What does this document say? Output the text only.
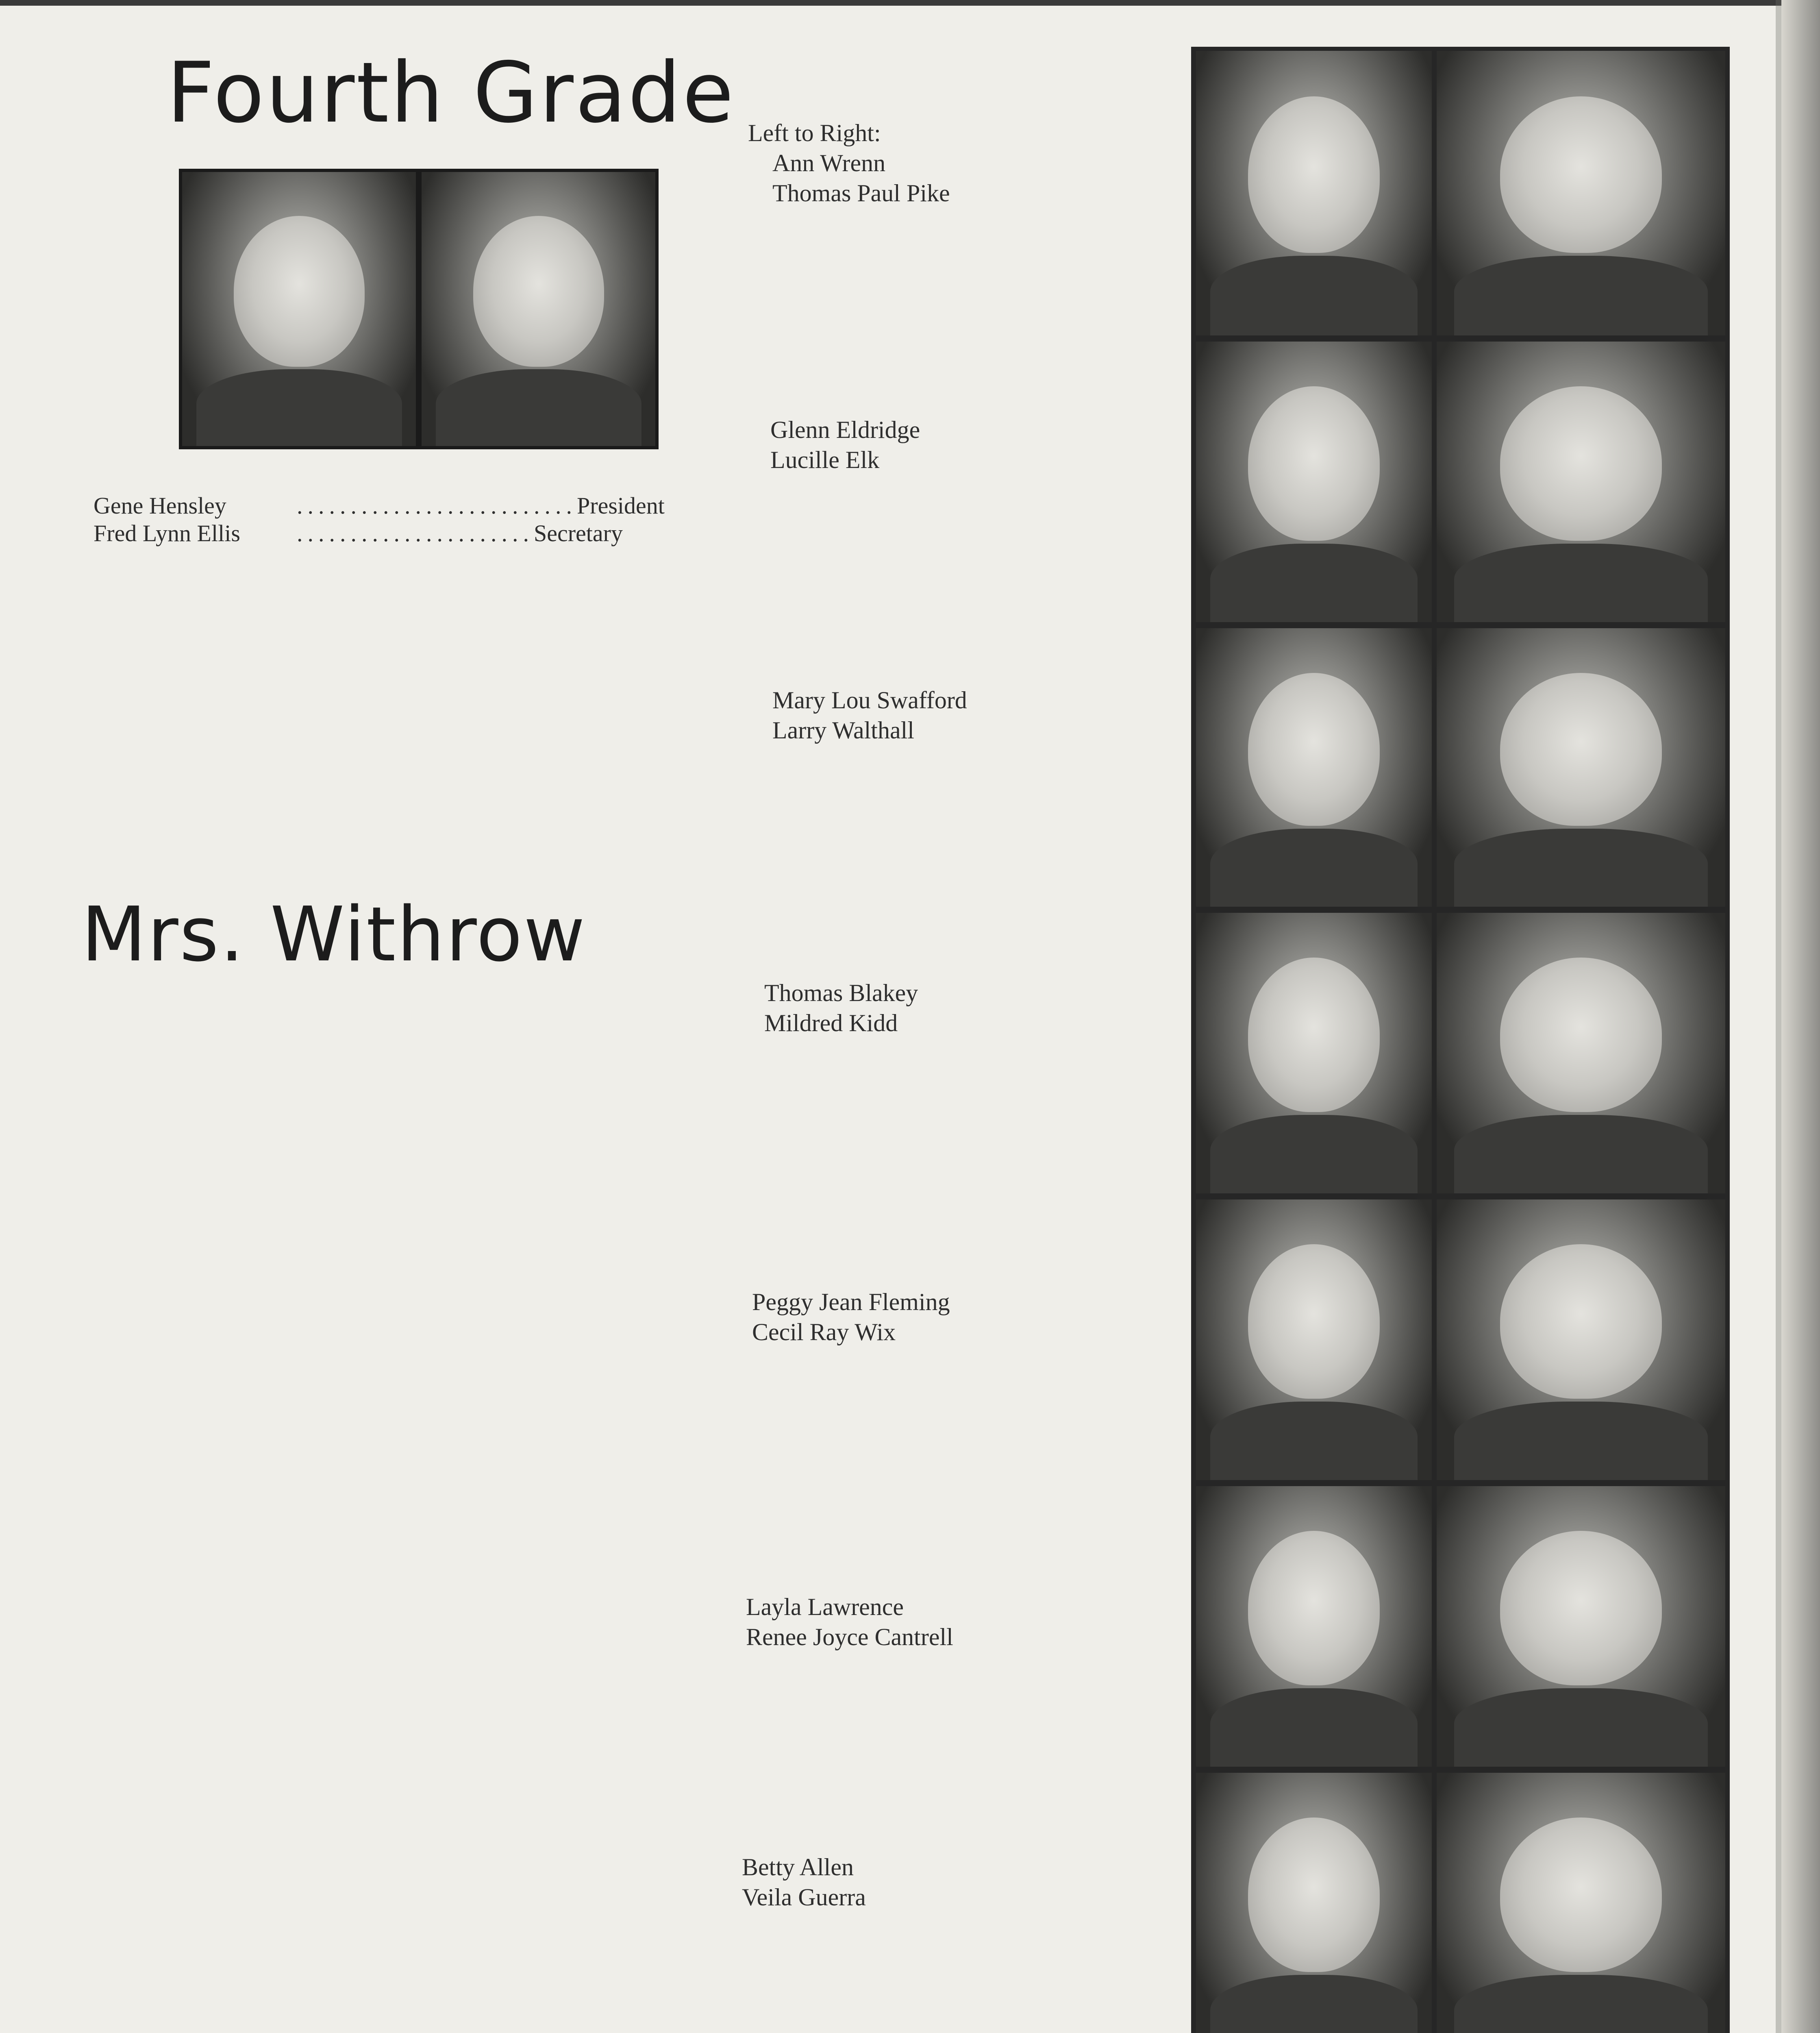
Fourth Grade
Gene Hensley	..........................President
Fred Lynn Ellis ......................Secretary
Mrs. Withrow
Left to Right:
Ann Wrenn
Thomas Paul Pike
Glenn Eldridge
Lucille Elk
Mary Lou Swafford
Larry Walthall
Thomas Blakey
Mildred Kidd
Peggy Jean Fleming
Cecil Ray Wix
Layla Lawrence
Renee Joyce Cantrell
Betty Allen
Veila Guerra
